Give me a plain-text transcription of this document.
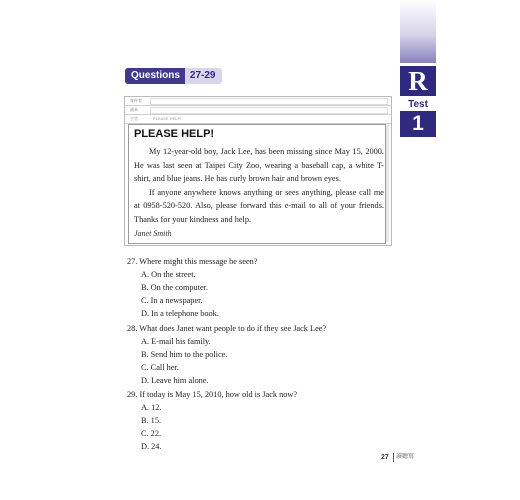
R
Test
1
Questions	27-29
寄件者
副本
主旨	PLEASE HELP!
PLEASE HELP!

My 12-year-old boy, Jack Lee, has been missing since May 15, 2000. He was last seen at Taipei City Zoo, wearing a baseball cap, a white T-shirt, and blue jeans. He has curly brown hair and brown eyes.

If anyone anywhere knows anything or sees anything, please call me at 0958-520-520. Also, please forward this e-mail to all of your friends. Thanks for your kindness and help.

Janet Smith
27. Where might this message be seen?
A. On the street.
B. On the computer.
C. In a newspaper.
D. In a telephone book.
28. What does Janet want people to do if they see Jack Lee?
A. E-mail his family.
B. Send him to the police.
C. Call her.
D. Leave him alone.
29. If today is May 15, 2010, how old is Jack now?
A. 12.
B. 15.
C. 22.
D. 24.
27 讀聽寫
